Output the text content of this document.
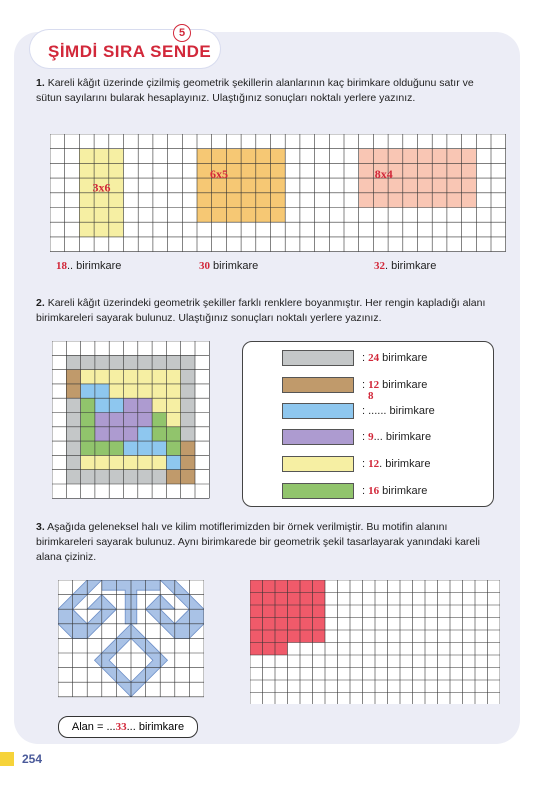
ŞİMDİ SIRA SENDE
5
1. Kareli kâğıt üzerinde çizilmiş geometrik şekillerin alanlarının kaç birimkare olduğunu satır ve sütun sayılarını bularak hesaplayınız. Ulaştığınız sonuçları noktalı yerlere yazınız.
3x6
6x5	8x4
18.. birimkare	30 birimkare	32. birimkare
2. Kareli kâğıt üzerindeki geometrik şekiller farklı renklere boyanmıştır. Her rengin kapladığı alanı birimkareleri sayarak bulunuz. Ulaştığınız sonuçları noktalı yerlere yazınız.
: 24 birimkare
: 12 birimkare
8
: ...... birimkare
: 9 ... birimkare
: 12 . birimkare
: 16 birimkare
3. Aşağıda geleneksel halı ve kilim motiflerimizden bir örnek verilmiştir. Bu motifin alanını birimkareleri sayarak bulunuz. Aynı birimkarede bir geometrik şekil tasarlayarak yanındaki kareli alana çiziniz.
Alan = ... 33 ... birimkare
254
